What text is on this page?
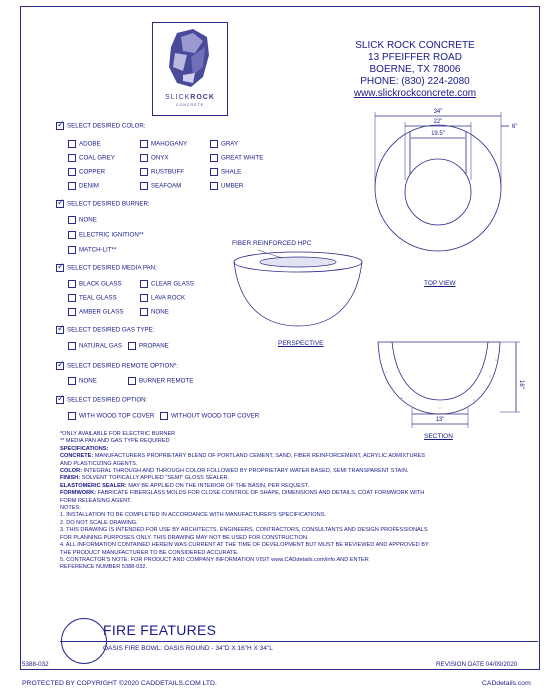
SLICKROCK
CONCRETE
SLICK ROCK CONCRETE
13 PFEIFFER ROAD
BOERNE, TX 78006
PHONE: (830) 224-2080
www.slickrockconcrete.com
✓SELECT DESIRED COLOR:
ADOBE	MAHOGANY	GRAY
COAL GREY	ONYX	GREAT WHITE
COPPER	RUSTBUFF	SHALE
DENIM	SEAFOAM	UMBER
✓SELECT DESIRED BURNER:
NONE
ELECTRIC IGNITION**
MATCH-LIT**
✓SELECT DESIRED MEDIA PAN:
BLACK GLASS	CLEAR GLASS
TEAL GLASS	LAVA ROCK
AMBER GLASS	NONE
✓SELECT DESIRED GAS TYPE:
NATURAL GAS	PROPANE
✓SELECT DESIRED REMOTE OPTION*:
NONE	BURNER REMOTE
✓SELECT DESIRED OPTION:
WITH WOOD TOP COVER	WITHOUT WOOD TOP COVER
34"
22"
19.5"
6"
16"
13"
FIBER REINFORCED HPC
PERSPECTIVE
TOP VIEW
SECTION
*ONLY AVAILABLE FOR ELECTRIC BURNER
** MEDIA PAN AND GAS TYPE REQUIRED
SPECIFICATIONS:
CONCRETE: MANUFACTURERS PROPRIETARY BLEND OF PORTLAND CEMENT, SAND, FIBER REINFORCEMENT, ACRYLIC ADMIXTURES
AND PLASTICIZING AGENTS.
COLOR: INTEGRAL THROUGH AND THROUGH COLOR FOLLOWED BY PROPRIETARY WATER BASED, SEMI TRANSPARENT STAIN.
FINISH: SOLVENT TOPICALLY APPLIED "SEMI" GLOSS SEALER.
ELASTOMERIC SEALER: MAY BE APPLIED ON THE INTERIOR OF THE BASIN, PER REQUEST.
FORMWORK: FABRICATE FIBERGLASS MOLDS FOR CLOSE CONTROL OF SHAPE, DIMENSIONS AND DETAILS. COAT FORMWORK WITH
FORM RELEASING AGENT.
NOTES:
1. INSTALLATION TO BE COMPLETED IN ACCORDANCE WITH MANUFACTURER'S SPECIFICATIONS.
2. DO NOT SCALE DRAWING.
3. THIS DRAWING IS INTENDED FOR USE BY ARCHITECTS, ENGINEERS, CONTRACTORS, CONSULTANTS AND DESIGN PROFESSIONALS
FOR PLANNING PURPOSES ONLY. THIS DRAWING MAY NOT BE USED FOR CONSTRUCTION.
4. ALL INFORMATION CONTAINED HEREIN WAS CURRENT AT THE TIME OF DEVELOPMENT BUT MUST BE REVIEWED AND APPROVED BY
THE PRODUCT MANUFACTURER TO BE CONSIDERED ACCURATE.
5. CONTRACTOR'S NOTE: FOR PRODUCT AND COMPANY INFORMATION VISIT www.CADdetails.com/info AND ENTER
REFERENCE NUMBER 5388-032.
FIRE FEATURES
OASIS FIRE BOWL: OASIS ROUND - 34"D X 16"H X 34"L
5388-032	REVISION DATE 04/09/2020
PROTECTED BY COPYRIGHT ©2020 CADDETAILS.COM LTD.	CADdetails.com
